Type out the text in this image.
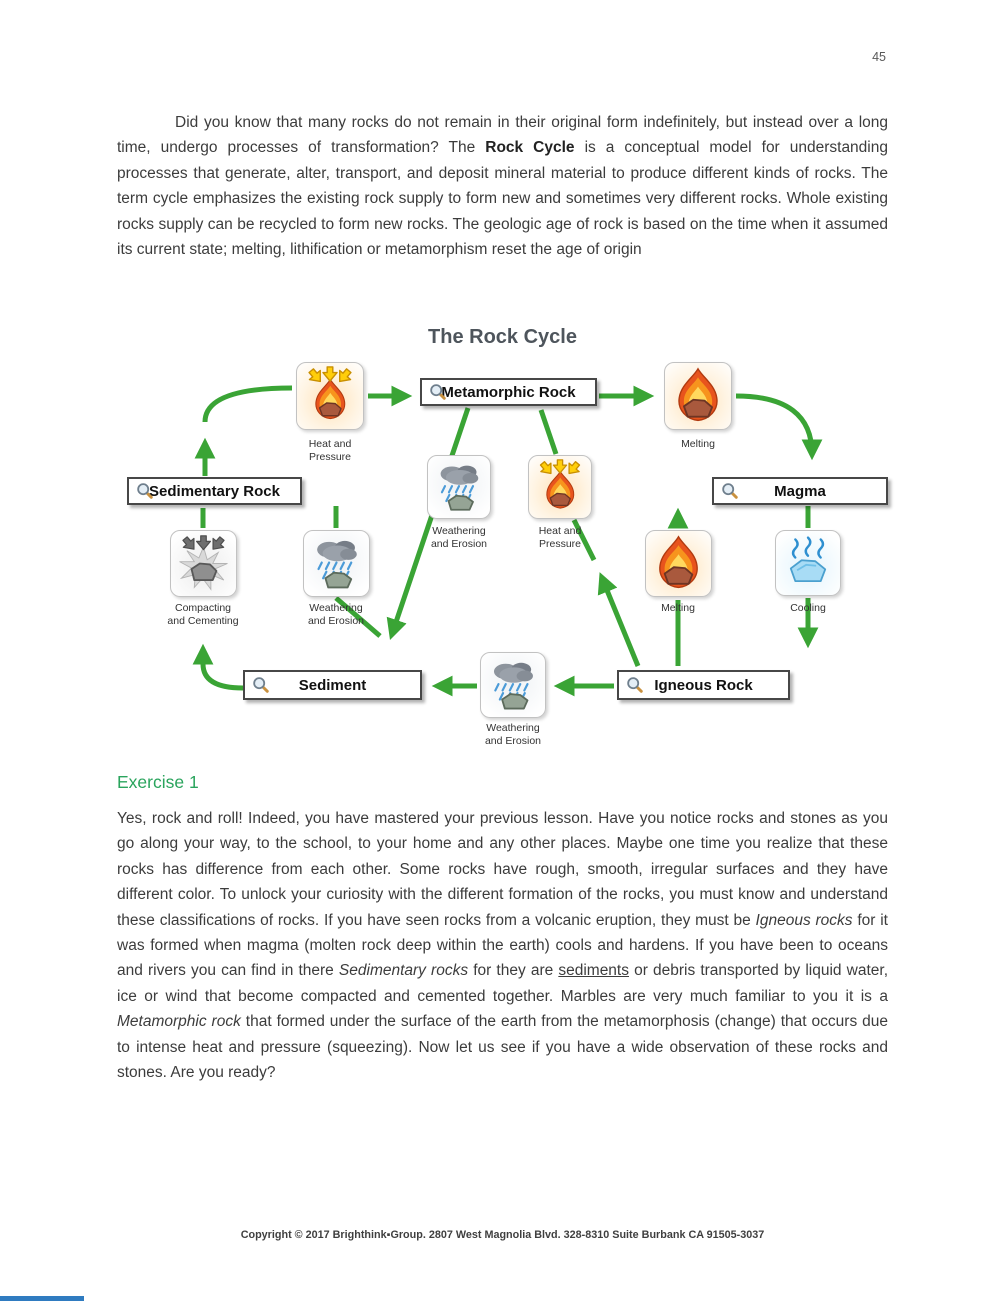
45

Did you know that many rocks do not remain in their original form indefinitely, but instead over a long time, undergo processes of transformation? The Rock Cycle is a conceptual model for understanding processes that generate, alter, transport, and deposit mineral material to produce different kinds of rocks. The term cycle emphasizes the existing rock supply to form new and sometimes very different rocks. Whole existing rocks supply can be recycled to form new rocks. The geologic age of rock is based on the time when it assumed its current state; melting, lithification or metamorphism reset the age of origin

The Rock Cycle
Metamorphic Rock
Sedimentary Rock	Magma
Sediment	Igneous Rock
Heat and
Pressure
Melting
Weathering
and Erosion
Heat and
Pressure
Compacting
and Cementing
Weathering
and Erosion
Melting	Cooling
Weathering
and Erosion
Exercise 1

Yes, rock and roll! Indeed, you have mastered your previous lesson. Have you notice rocks and stones as you go along your way, to the school, to your home and any other places. Maybe one time you realize that these rocks has difference from each other. Some rocks have rough, smooth, irregular surfaces and they have different color. To unlock your curiosity with the different formation of the rocks, you must know and understand these classifications of rocks. If you have seen rocks from a volcanic eruption, they must be Igneous rocks for it was formed when magma (molten rock deep within the earth) cools and hardens. If you have been to oceans and rivers you can find in there Sedimentary rocks for they are sediments or debris transported by liquid water, ice or wind that become compacted and cemented together. Marbles are very much familiar to you it is a Metamorphic rock that formed under the surface of the earth from the metamorphosis (change) that occurs due to intense heat and pressure (squeezing). Now let us see if you have a wide observation of these rocks and stones. Are you ready?

Copyright © 2017 Brighthink▪Group. 2807 West Magnolia Blvd. 328-8310 Suite Burbank CA 91505-3037
